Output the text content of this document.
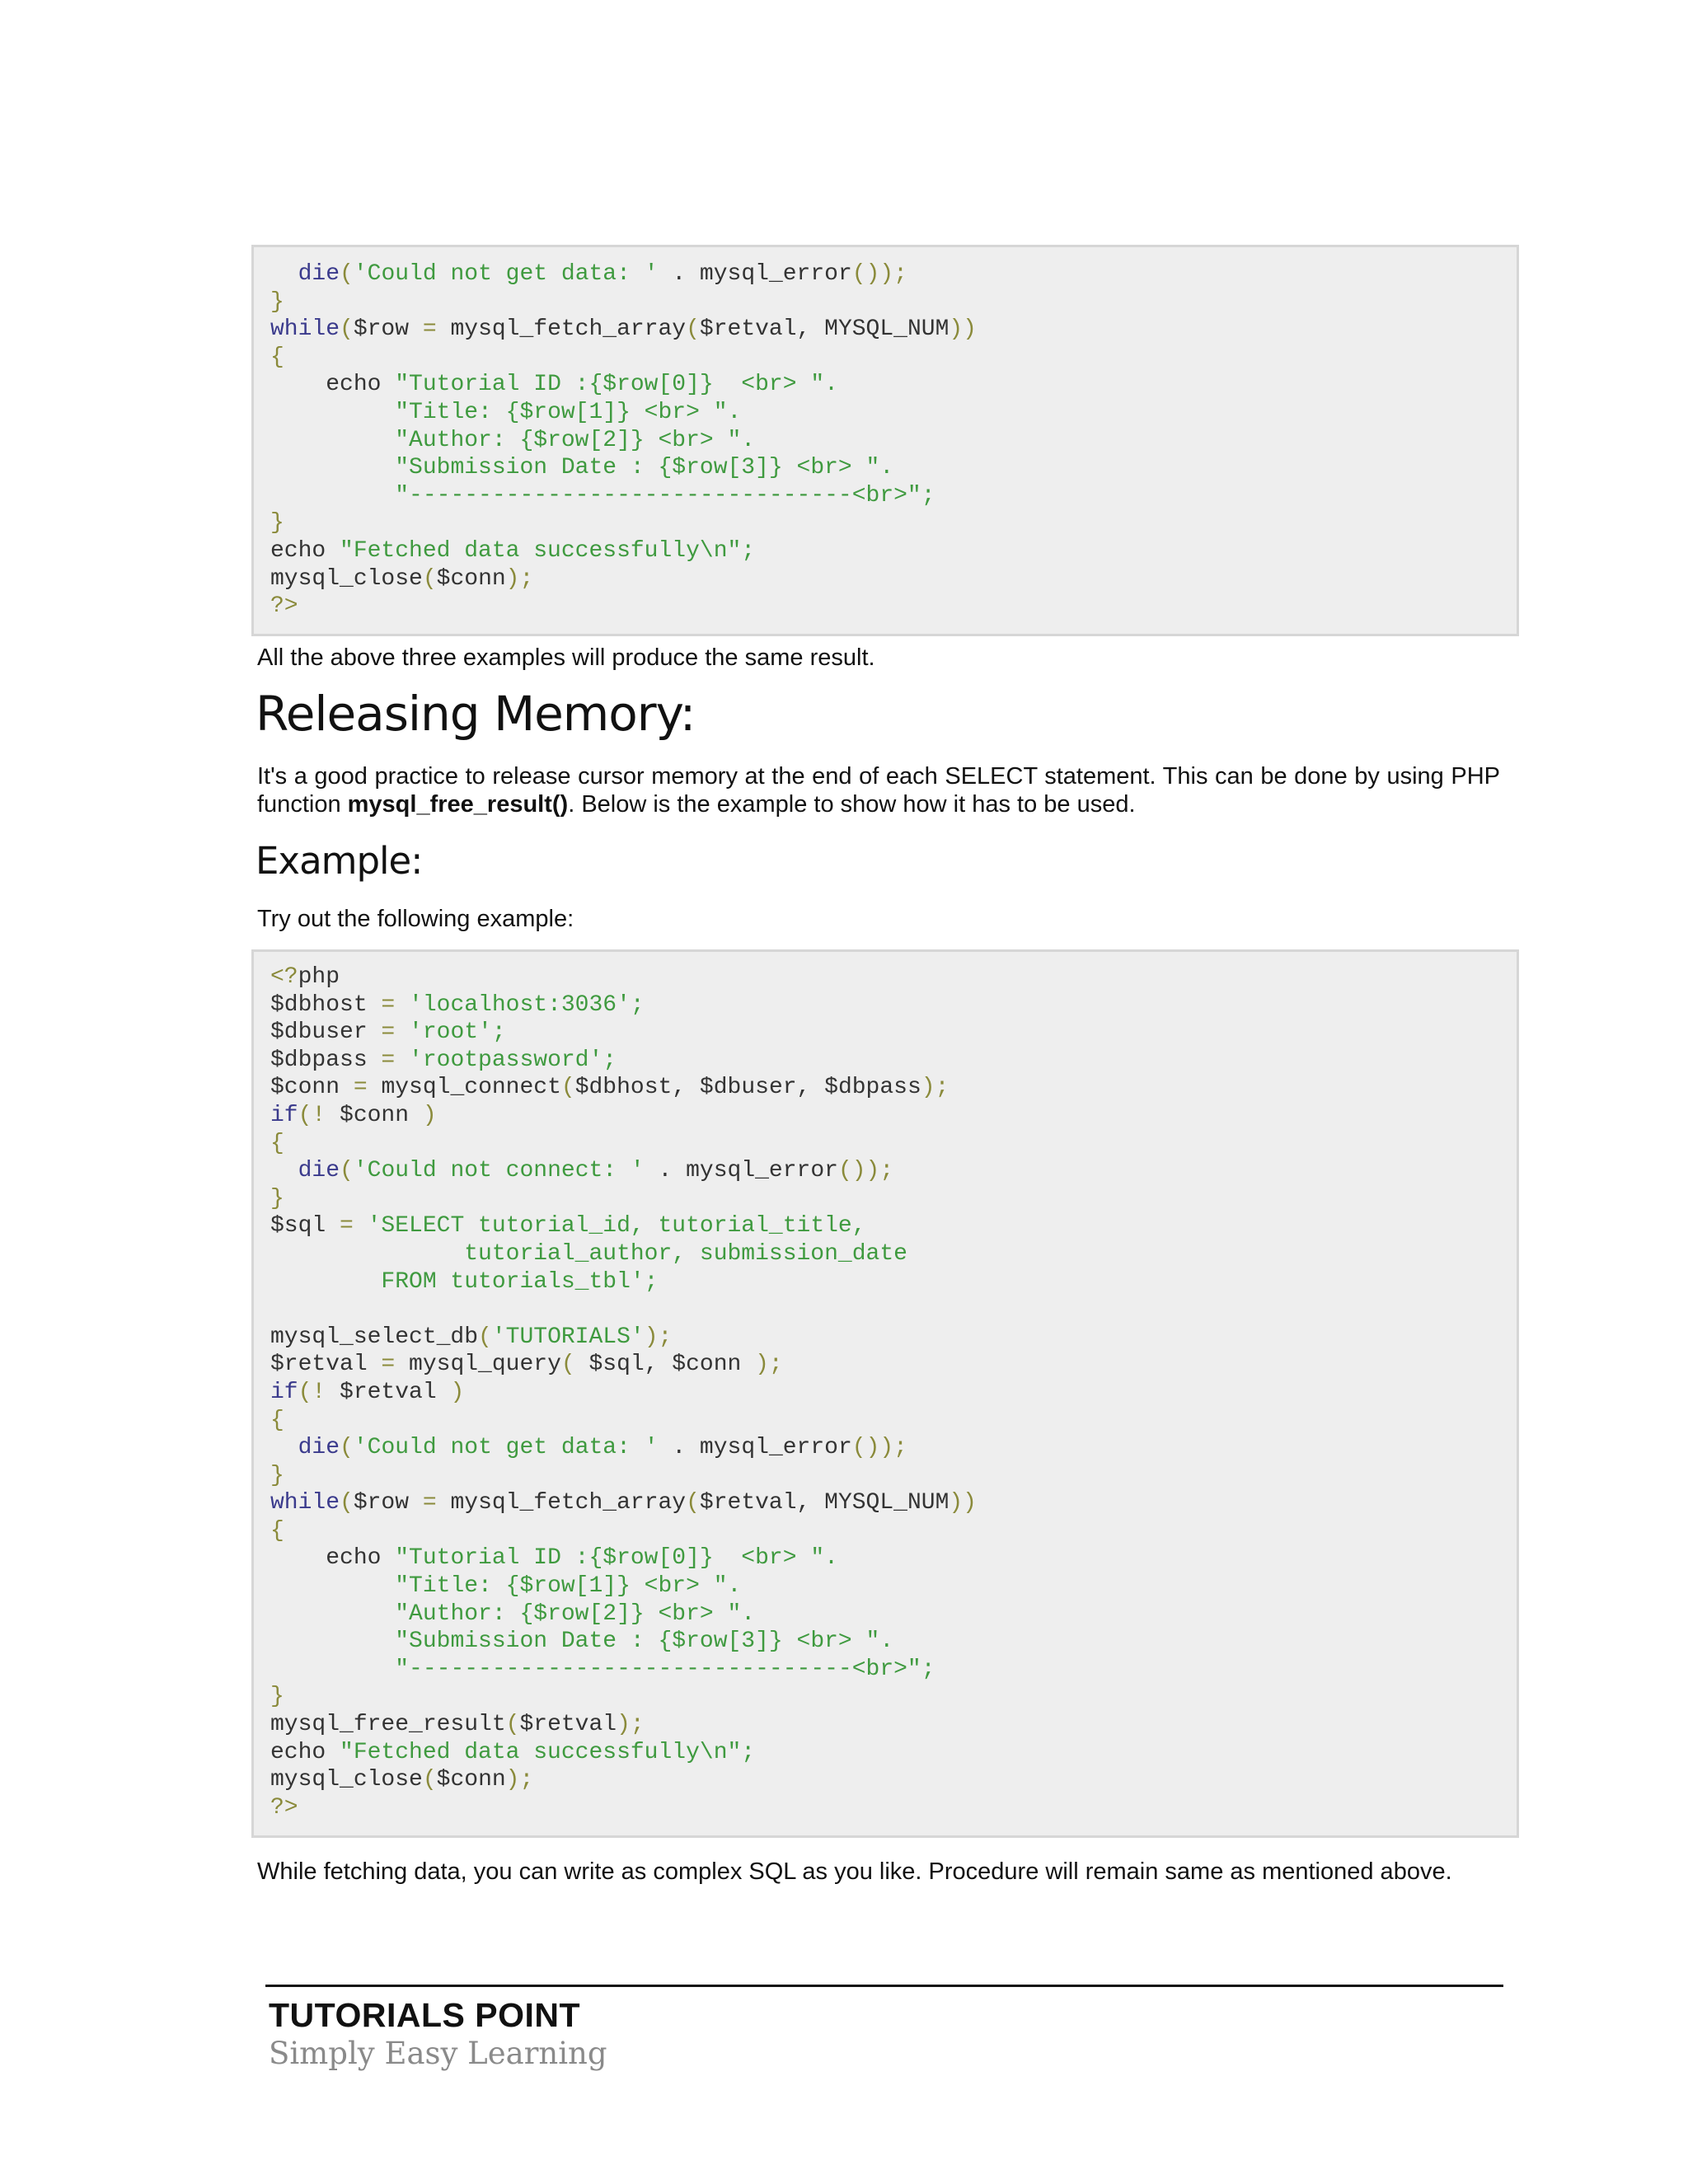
die('Could not get data: ' . mysql_error());
}
while($row = mysql_fetch_array($retval, MYSQL_NUM))
{
echo "Tutorial ID :{$row[0]}  <br> ".
"Title: {$row[1]} <br> ".
"Author: {$row[2]} <br> ".
"Submission Date : {$row[3]} <br> ".
"--------------------------------<br>";
}
echo "Fetched data successfully\n";
mysql_close($conn);
?>

All the above three examples will produce the same result.

Releasing Memory:

It's a good practice to release cursor memory at the end of each SELECT statement. This can be done by using PHP function mysql_free_result(). Below is the example to show how it has to be used.

Example:

Try out the following example:

<?php
$dbhost = 'localhost:3036';
$dbuser = 'root';
$dbpass = 'rootpassword';
$conn = mysql_connect($dbhost, $dbuser, $dbpass);
if(! $conn )
{
die('Could not connect: ' . mysql_error());
}
$sql = 'SELECT tutorial_id, tutorial_title,
tutorial_author, submission_date
FROM tutorials_tbl';

mysql_select_db('TUTORIALS');
$retval = mysql_query( $sql, $conn );
if(! $retval )
{
die('Could not get data: ' . mysql_error());
}
while($row = mysql_fetch_array($retval, MYSQL_NUM))
{
echo "Tutorial ID :{$row[0]}  <br> ".
"Title: {$row[1]} <br> ".
"Author: {$row[2]} <br> ".
"Submission Date : {$row[3]} <br> ".
"--------------------------------<br>";
}
mysql_free_result($retval);
echo "Fetched data successfully\n";
mysql_close($conn);
?>

While fetching data, you can write as complex SQL as you like. Procedure will remain same as mentioned above.

TUTORIALS POINT
Simply Easy Learning
